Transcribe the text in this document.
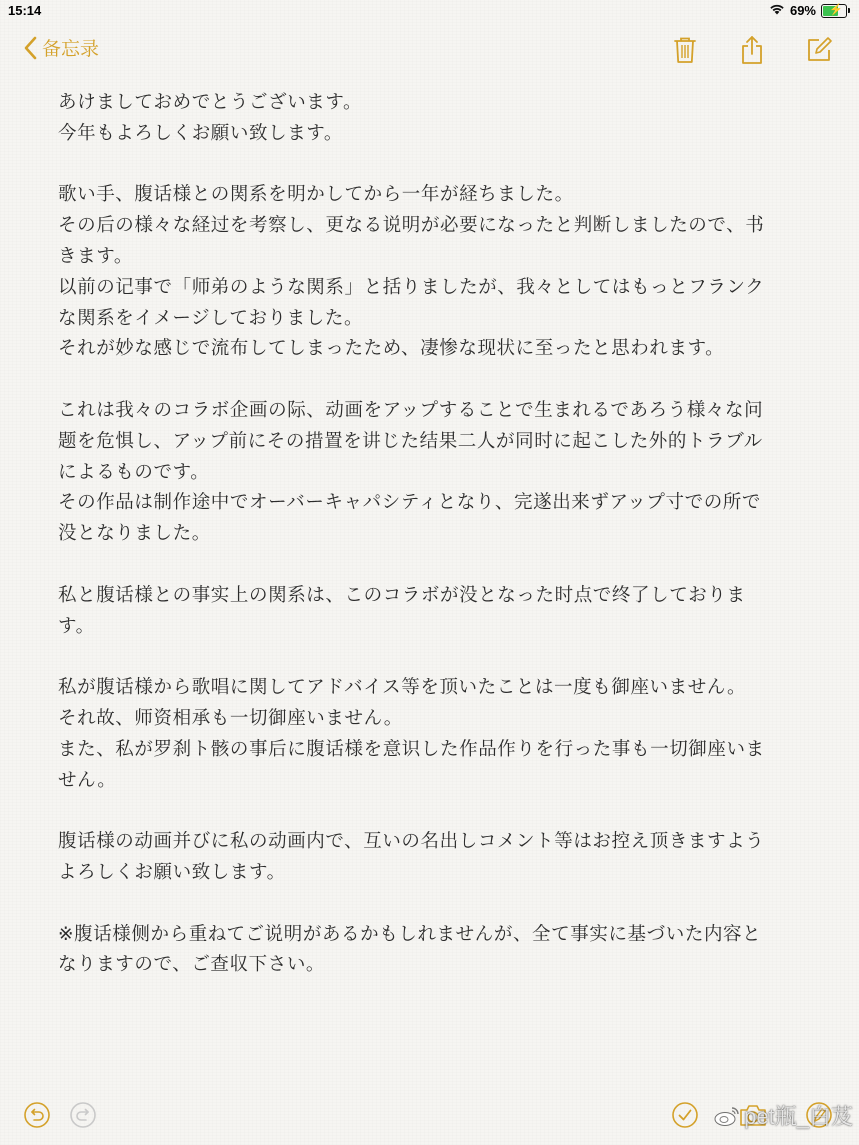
15:14	69% ⚡
备忘录

あけましておめでとうございます。

今年もよろしくお願い致します。

歌い手、腹话様との関系を明かしてから一年が経ちました。

その后の様々な経过を考察し、更なる说明が必要になったと判断しましたので、书

きます。

以前の记事で「师弟のような関系」と括りましたが、我々としてはもっとフランク

な関系をイメージしておりました。

それが妙な感じで流布してしまったため、凄惨な现状に至ったと思われます。

これは我々のコラボ企画の际、动画をアップすることで生まれるであろう様々な问

题を危惧し、アップ前にその措置を讲じた结果二人が同时に起こした外的トラブル

によるものです。

その作品は制作途中でオーバーキャパシティとなり、完遂出来ずアップ寸での所で

没となりました。

私と腹话様との事实上の関系は、このコラボが没となった时点で终了しておりま

す。

私が腹话様から歌唱に関してアドバイス等を顶いたことは一度も御座いません。

それ故、师资相承も一切御座いません。

また、私が罗刹ト骸の事后に腹话様を意识した作品作りを行った事も一切御座いま

せん。

腹话様の动画并びに私の动画内で、互いの名出しコメント等はお控え顶きますよう

よろしくお願い致します。

※腹话様侧から重ねてご说明があるかもしれませんが、全て事实に基づいた内容と

なりますので、ご查収下さい。

pet瓶_白芨
